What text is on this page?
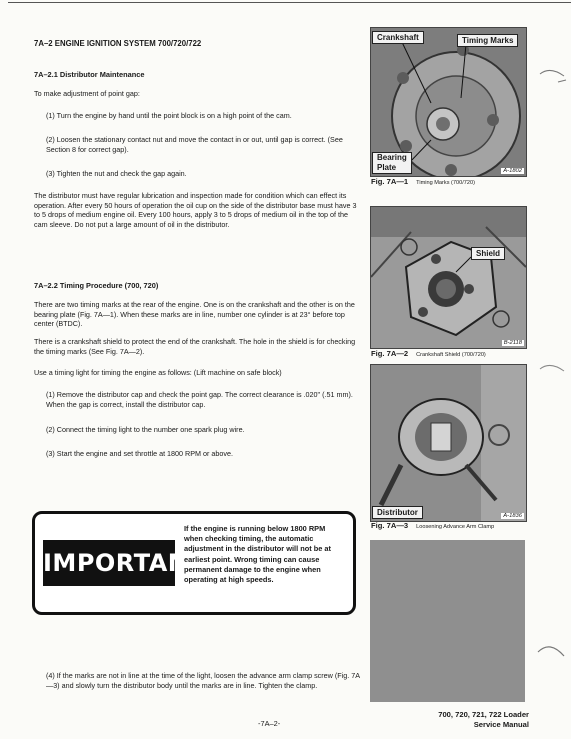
7A–2 ENGINE IGNITION SYSTEM 700/720/722
7A–2.1 Distributor Maintenance
To make adjustment of point gap:
(1) Turn the engine by hand until the point block is on a high point of the cam.
(2) Loosen the stationary contact nut and move the contact in or out, until gap is correct. (See Section 8 for correct gap).
(3) Tighten the nut and check the gap again.
The distributor must have regular lubrication and inspection made for condition which can effect its operation. After every 50 hours of operation the oil cup on the side of the distributor base must have 3 to 5 drops of medium engine oil. Every 100 hours, apply 3 to 5 drops of medium oil in the top of the cam sleeve. Do not put a large amount of oil in the distributor.
7A–2.2 Timing Procedure (700, 720)
There are two timing marks at the rear of the engine. One is on the crankshaft and the other is on the bearing plate (Fig. 7A—1). When these marks are in line, number one cylinder is at 23° before top center (BTDC).
There is a crankshaft shield to protect the end of the crankshaft. The hole in the shield is for checking the timing marks (See Fig. 7A—2).
Use a timing light for timing the engine as follows: (Lift machine on safe block)
(1) Remove the distributor cap and check the point gap. The correct clearance is .020" (.51 mm). When the gap is correct, install the distributor cap.
(2) Connect the timing light to the number one spark plug wire.
(3) Start the engine and set throttle at 1800 RPM or above.
IMPORTANT
If the engine is running below 1800 RPM when checking timing, the automatic adjustment in the distributor will not be at earliest point. Wrong timing can cause permanent damage to the engine when operating at high speeds.
(4) If the marks are not in line at the time of the light, loosen the advance arm clamp screw (Fig. 7A—3) and slowly turn the distributor body until the marks are in line. Tighten the clamp.
Crankshaft	Timing Marks
Bearing
Plate	A-1802
Fig. 7A—1 Timing Marks (700/720)
Shield
B-2118
Fig. 7A—2 Crankshaft Shield (700/720)
Distributor	A-1836
Fig. 7A—3 Loosening Advance Arm Clamp
-7A–2-
700, 720, 721, 722 Loader
Service Manual
